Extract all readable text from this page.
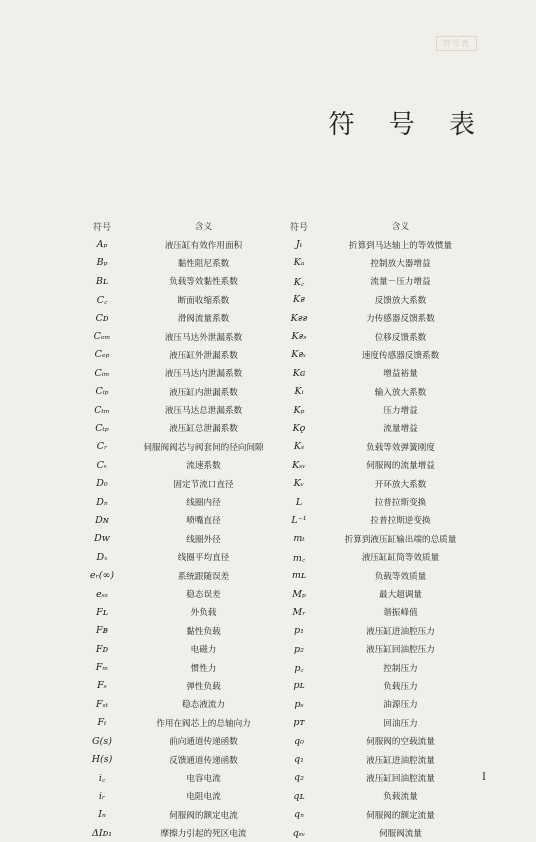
符号表
符 号 表
符号	含义
Aₚ	液压缸有效作用面积
Bₚ	黏性阻尼系数
Bʟ	负载等效黏性系数
C꜀	断面收缩系数
Cᴅ	滑阀流量系数
Cₑₘ	液压马达外泄漏系数
Cₑₚ	液压缸外泄漏系数
Cᵢₘ	液压马达内泄漏系数
Cᵢₚ	液压缸内泄漏系数
Cₜₘ	液压马达总泄漏系数
Cₜₚ	液压缸总泄漏系数
Cᵣ	伺服阀阀芯与阀套间的径向间隙
Cᵥ	流速系数
D₀	固定节流口直径
Dₙ	线圈内径
Dɴ	喷嘴直径
Dᴡ	线圈外径
Dₓ	线圈平均直径
eᵣ(∞)	系统跟随误差
eₛₛ	稳态误差
Fʟ	外负载
Fʙ	黏性负载
Fᴅ	电磁力
Fₘ	惯性力
Fₛ	弹性负载
Fₛₜ	稳态液流力
Fₜ	作用在阀芯上的总轴向力
G(s)	前向通道传递函数
H(s)	反馈通道传递函数
i꜀	电容电流
iᵣ	电阻电流
Iₙ	伺服阀的额定电流
ΔIᴅ₁	摩擦力引起的死区电流
符号	含义
Jₜ	折算到马达轴上的等效惯量
Kₐ	控制放大器增益
K꜀	流量－压力增益
Kғ	反馈放大系数
Kғғ	力传感器反馈系数
Kғₛ	位移反馈系数
Kғᵥ	速度传感器反馈系数
Kɢ	增益裕量
Kᵢ	输入放大系数
Kₚ	压力增益
Kǫ	流量增益
Kₛ	负载等效弹簧刚度
Kₛᵥ	伺服阀的流量增益
Kᵥ	开环放大系数
L	拉普拉斯变换
L⁻¹	拉普拉斯逆变换
mₜ	折算到液压缸输出端的总质量
m꜀	液压缸缸筒等效质量
mʟ	负载等效质量
Mₚ	最大超调量
Mᵣ	谐振峰值
p₁	液压缸进油腔压力
p₂	液压缸回油腔压力
p꜀	控制压力
pʟ	负载压力
pₛ	油源压力
pᴛ	回油压力
q₀	伺服阀的空载流量
q₁	液压缸进油腔流量
q₂	液压缸回油腔流量
qʟ	负载流量
qₙ	伺服阀的额定流量
qₛᵥ	伺服阀流量
I
